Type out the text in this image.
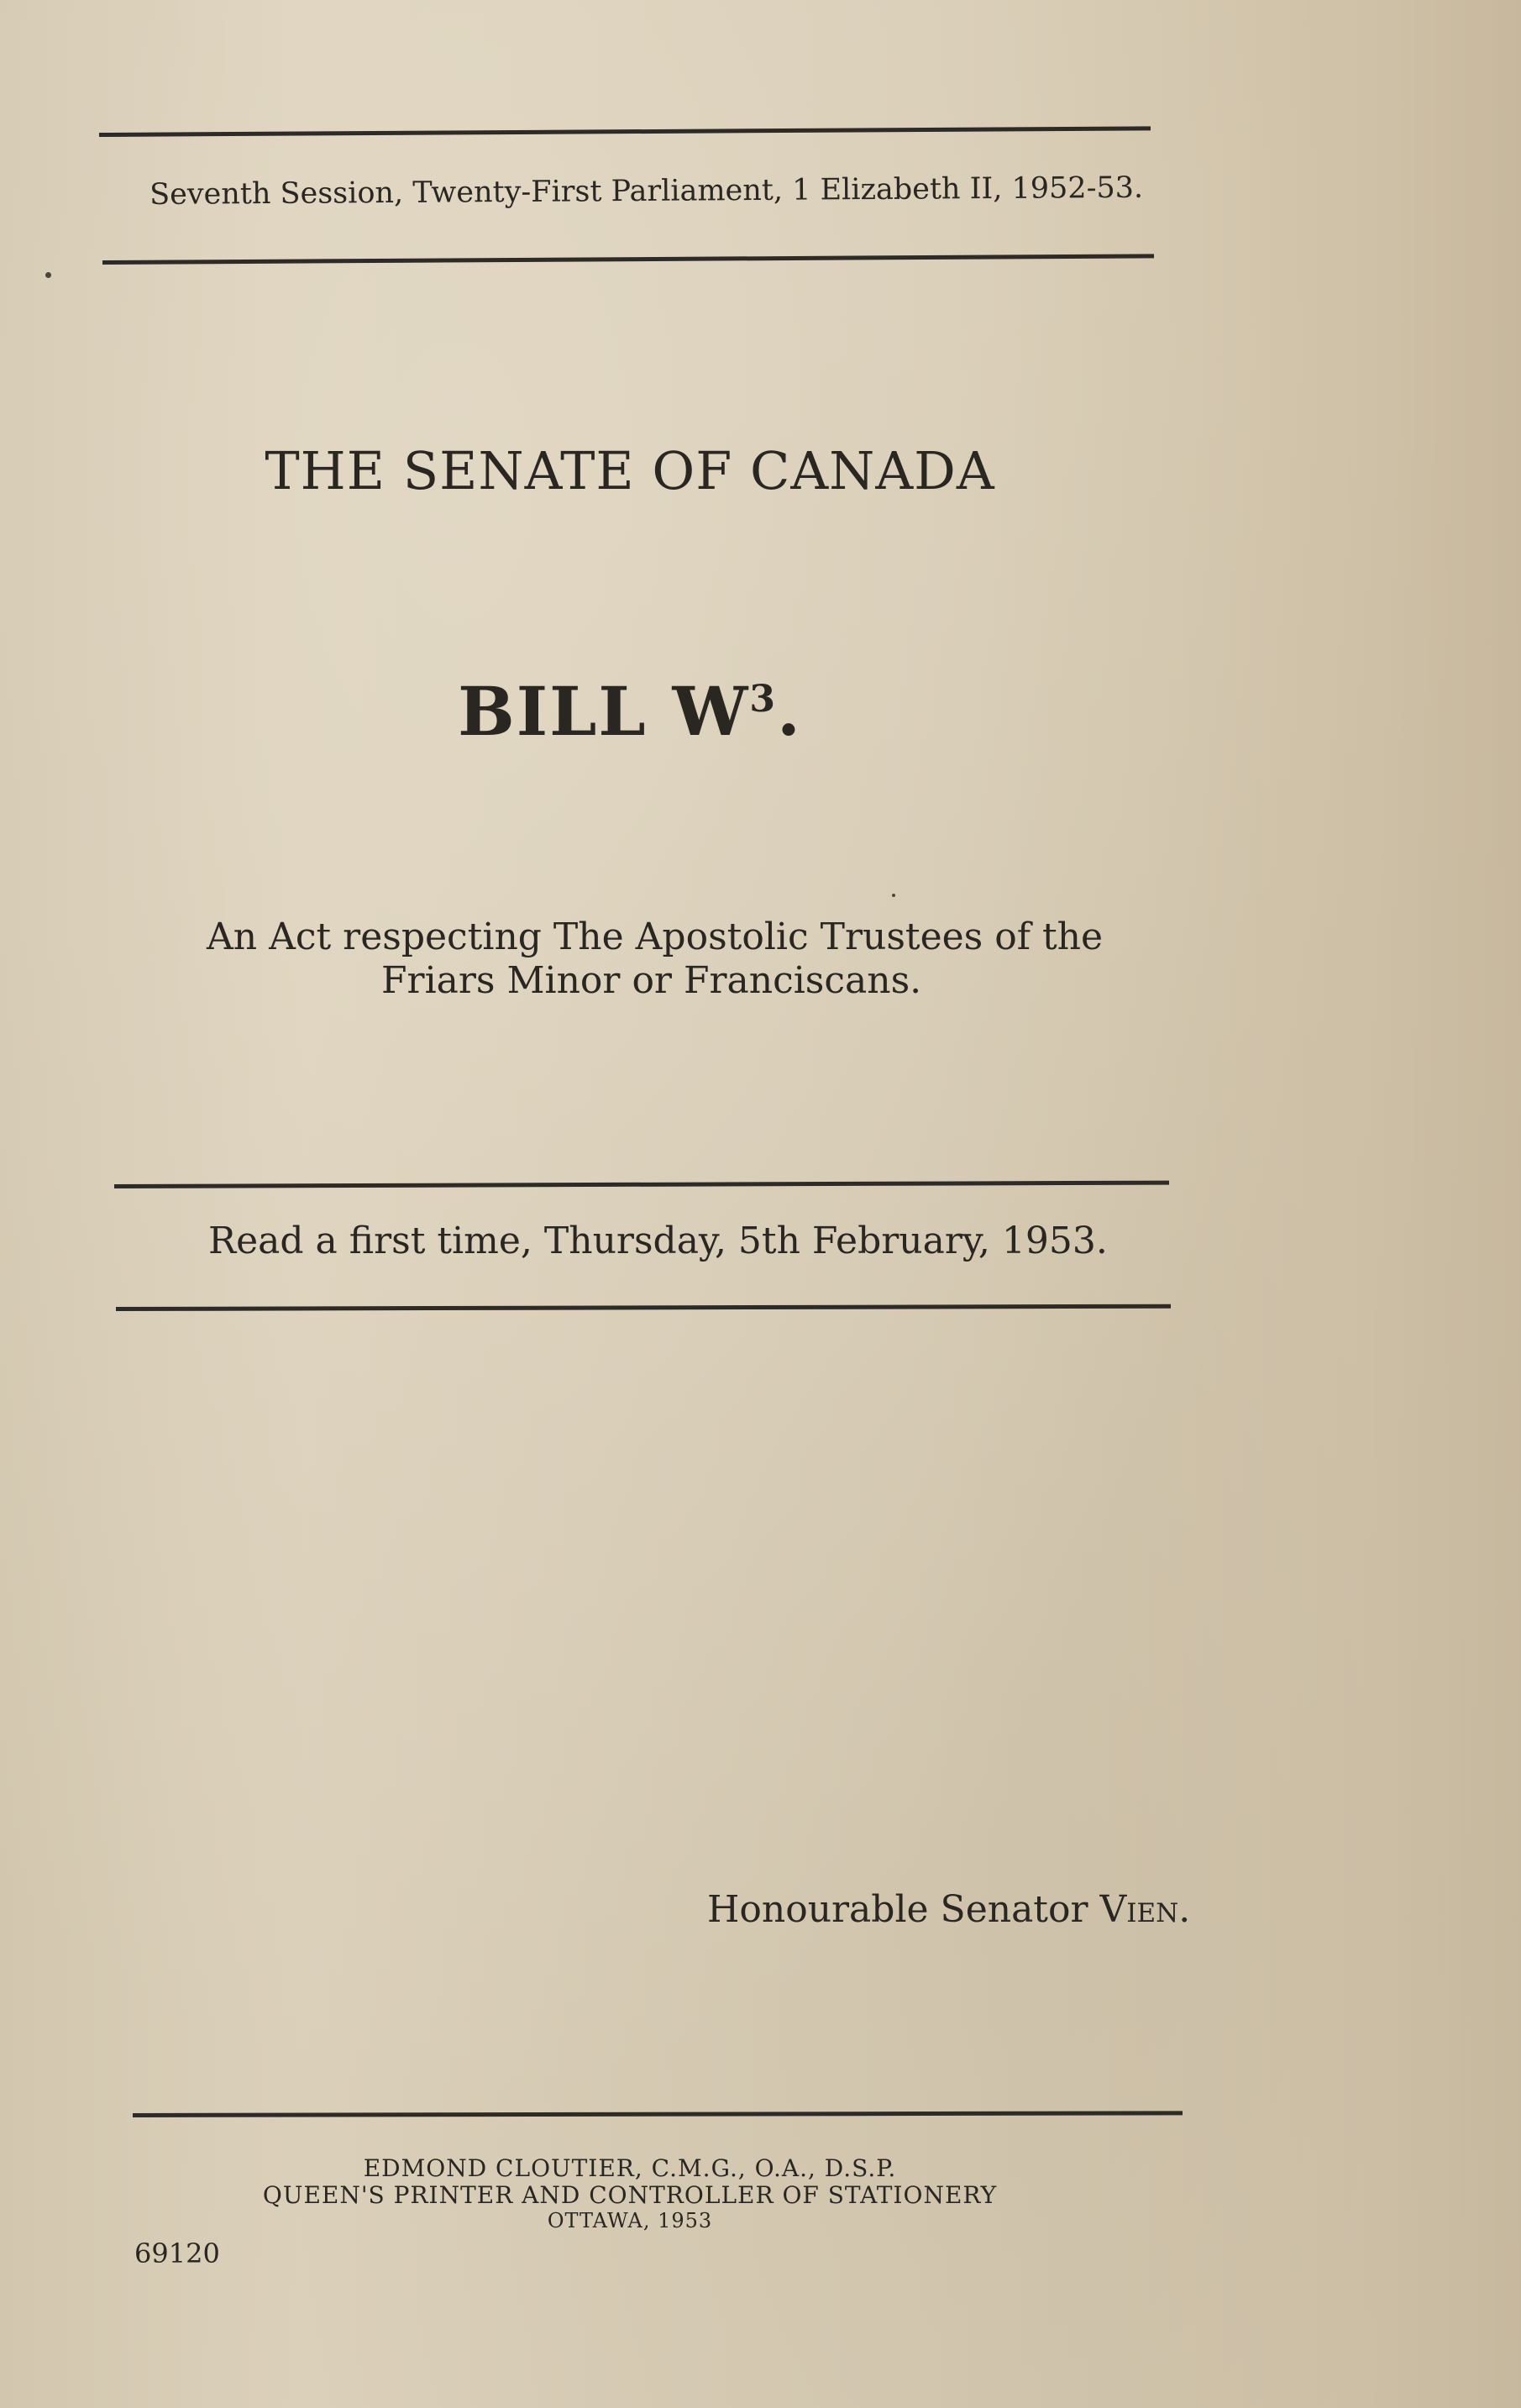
Seventh Session, Twenty-First Parliament, 1 Elizabeth II, 1952-53.
THE SENATE OF CANADA
BILL $W^3$.
An Act respecting The Apostolic Trustees of the
Friars Minor or Franciscans.
Read a first time, Thursday, 5th February, 1953.
Honourable Senator Vien.
EDMOND CLOUTIER, C.M.G., O.A., D.S.P.
QUEEN'S PRINTER AND CONTROLLER OF STATIONERY
OTTAWA, 1953
69120
